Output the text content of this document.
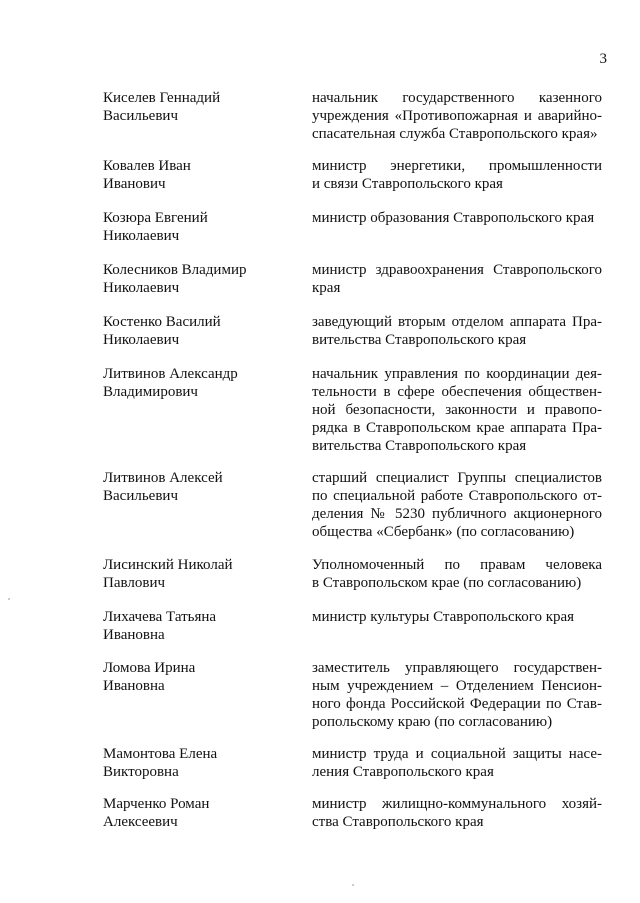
3
Киселев Геннадий
Васильевич
начальник государственного казенного
учреждения «Противопожарная и аварийно-
спасательная служба Ставропольского края»
Ковалев Иван
Иванович
министр энергетики, промышленности
и связи Ставропольского края
Козюра Евгений
Николаевич
министр образования Ставропольского края
Колесников Владимир
Николаевич
министр здравоохранения Ставропольского
края
Костенко Василий
Николаевич
заведующий вторым отделом аппарата Пра-
вительства Ставропольского края
Литвинов Александр
Владимирович
начальник управления по координации дея-
тельности в сфере обеспечения обществен-
ной безопасности, законности и правопо-
рядка в Ставропольском крае аппарата Пра-
вительства Ставропольского края
Литвинов Алексей
Васильевич
старший специалист Группы специалистов
по специальной работе Ставропольского от-
деления № 5230 публичного акционерного
общества «Сбербанк» (по согласованию)
Лисинский Николай
Павлович
Уполномоченный по правам человека
в Ставропольском крае (по согласованию)
Лихачева Татьяна
Ивановна
министр культуры Ставропольского края
Ломова Ирина
Ивановна
заместитель управляющего государствен-
ным учреждением – Отделением Пенсион-
ного фонда Российской Федерации по Став-
ропольскому краю (по согласованию)
Мамонтова Елена
Викторовна
министр труда и социальной защиты насе-
ления Ставропольского края
Марченко Роман
Алексеевич
министр жилищно-коммунального хозяй-
ства Ставропольского края
